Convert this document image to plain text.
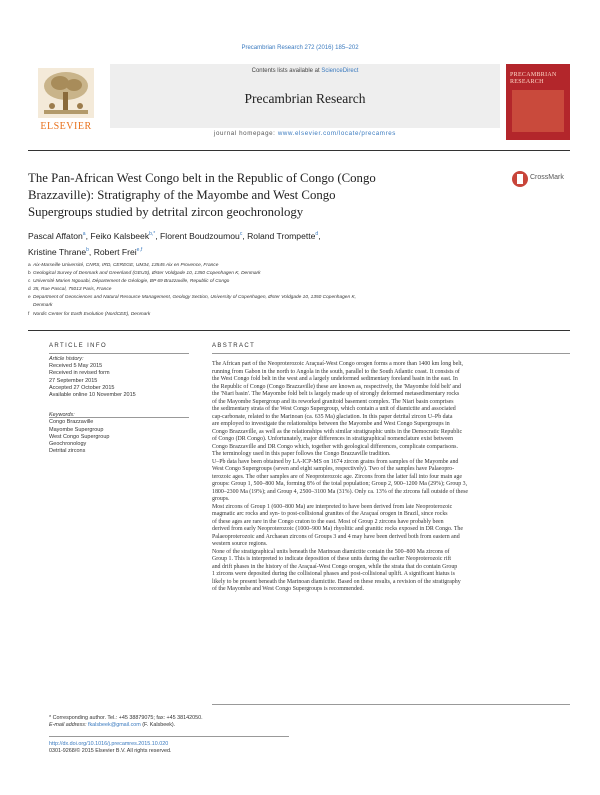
Precambrian Research 272 (2016) 185–202
ELSEVIER
Contents lists available at ScienceDirect
Precambrian Research
journal homepage: www.elsevier.com/locate/precamres
PRECAMBRIAN RESEARCH
The Pan-African West Congo belt in the Republic of Congo (Congo
Brazzaville): Stratigraphy of the Mayombe and West Congo
Supergroups studied by detrital zircon geochronology
CrossMark
Pascal Affaton$^a$, Feiko Kalsbeek$^{b,*}$, Florent Boudzoumou$^c$, Roland Trompette$^d$,
Kristine Thrane$^b$, Robert Frei$^{e,f}$
a Aix-Marseille Université, CNRS, IRD, CEREGE, UM34, 13545 Aix en Provence, France
b Geological Survey of Denmark and Greenland (GEUS), Øster Voldgade 10, 1350 Copenhagen K, Denmark
c Université Marien Ngouabi, Département de Géologie, BP 69 Brazzaville, Republic of Congo
d 35, Rue Pascal, 75013 Paris, France
e Department of Geosciences and Natural Resource Management, Geology Section, University of Copenhagen, Øster Voldgade 10, 1350 Copenhagen K,
Denmark
f Nordic Center for Earth Evolution (NordCEE), Denmark
ARTICLE INFO	ABSTRACT
Article history:
Received 5 May 2015
Received in revised form
27 September 2015
Accepted 27 October 2015
Available online 10 November 2015
Keywords:
Congo Brazzaville
Mayombe Supergroup
West Congo Supergroup
Geochronology
Detrital zircons
The African part of the Neoproterozoic Araçuaí-West Congo orogen forms a more than 1400 km long belt,
running from Gabon in the north to Angola in the south, parallel to the South Atlantic coast. It consists of
the West Congo fold belt in the west and a largely undeformed sedimentary foreland basin in the east. In
the Republic of Congo (Congo Brazzaville) these are known as, respectively, the 'Mayombe fold belt' and
the 'Niari basin'. The Mayombe fold belt is largely made up of strongly deformed metasedimentary rocks
of the Mayombe Supergroup and its reworked granitoid basement complex. The Niari basin comprises
the sedimentary strata of the West Congo Supergroup, which contain a unit of diamictite and associated
cap-carbonate, related to the Marinoan (ca. 635 Ma) glaciation. In this paper detrital zircon U–Pb data
are employed to investigate the relationships between the Mayombe and West Congo Supergroups in
Congo Brazzaville, as well as the relationships with similar stratigraphic units in the Democratic Republic
of Congo (DR Congo). Unfortunately, major differences in stratigraphical nomenclature exist between
Congo Brazzaville and DR Congo which, together with geological differences, complicate comparisons.
The terminology used in this paper follows the Congo Brazzaville tradition.
U–Pb data have been obtained by LA-ICP-MS on 1674 zircon grains from samples of the Mayombe and
West Congo Supergroups (seven and eight samples, respectively). Two of the samples have Palaeopro-
terozoic ages. The other samples are of Neoproterozoic age. Zircons from the latter fall into four main age
groups: Group 1, 500–800 Ma, forming 8% of the total population; Group 2, 900–1200 Ma (29%); Group 3,
1800–2300 Ma (19%); and Group 4, 2500–3100 Ma (31%). Only ca. 13% of the zircons fall outside of these
groups.
Most zircons of Group 1 (600–800 Ma) are interpreted to have been derived from late Neoproterozoic
magmatic arc rocks and syn- to post-collisional granites of the Araçuaí orogen in Brazil, since rocks
of these ages are rare in the Congo craton to the east. Most of Group 2 zircons have probably been
derived from early Neoproterozoic (1000–900 Ma) rhyolitic and granitic rocks exposed in DR Congo. The
Palaeoproterozoic and Archaean zircons of Groups 3 and 4 may have been derived both from eastern and
western source regions.
None of the stratigraphical units beneath the Marinoan diamictite contain the 500–800 Ma zircons of
Group 1. This is interpreted to indicate deposition of these units during the earlier Neoproterozoic rift
and drift phases in the history of the Araçuaí-West Congo orogen, while the strata that do contain Group
1 zircons were deposited during the collisional phases and post-collisional uplift. A significant hiatus is
likely to be present beneath the Marinoan diamictite. Based on these results, a revision of the stratigraphy
of the Mayombe and West Congo Supergroups is recommended.
* Corresponding author. Tel.: +45 38879075; fax: +45 38142050.
E-mail address: fkalsbeek@gmail.com (F. Kalsbeek).
http://dx.doi.org/10.1016/j.precamres.2015.10.020
0301-9268/© 2015 Elsevier B.V. All rights reserved.
